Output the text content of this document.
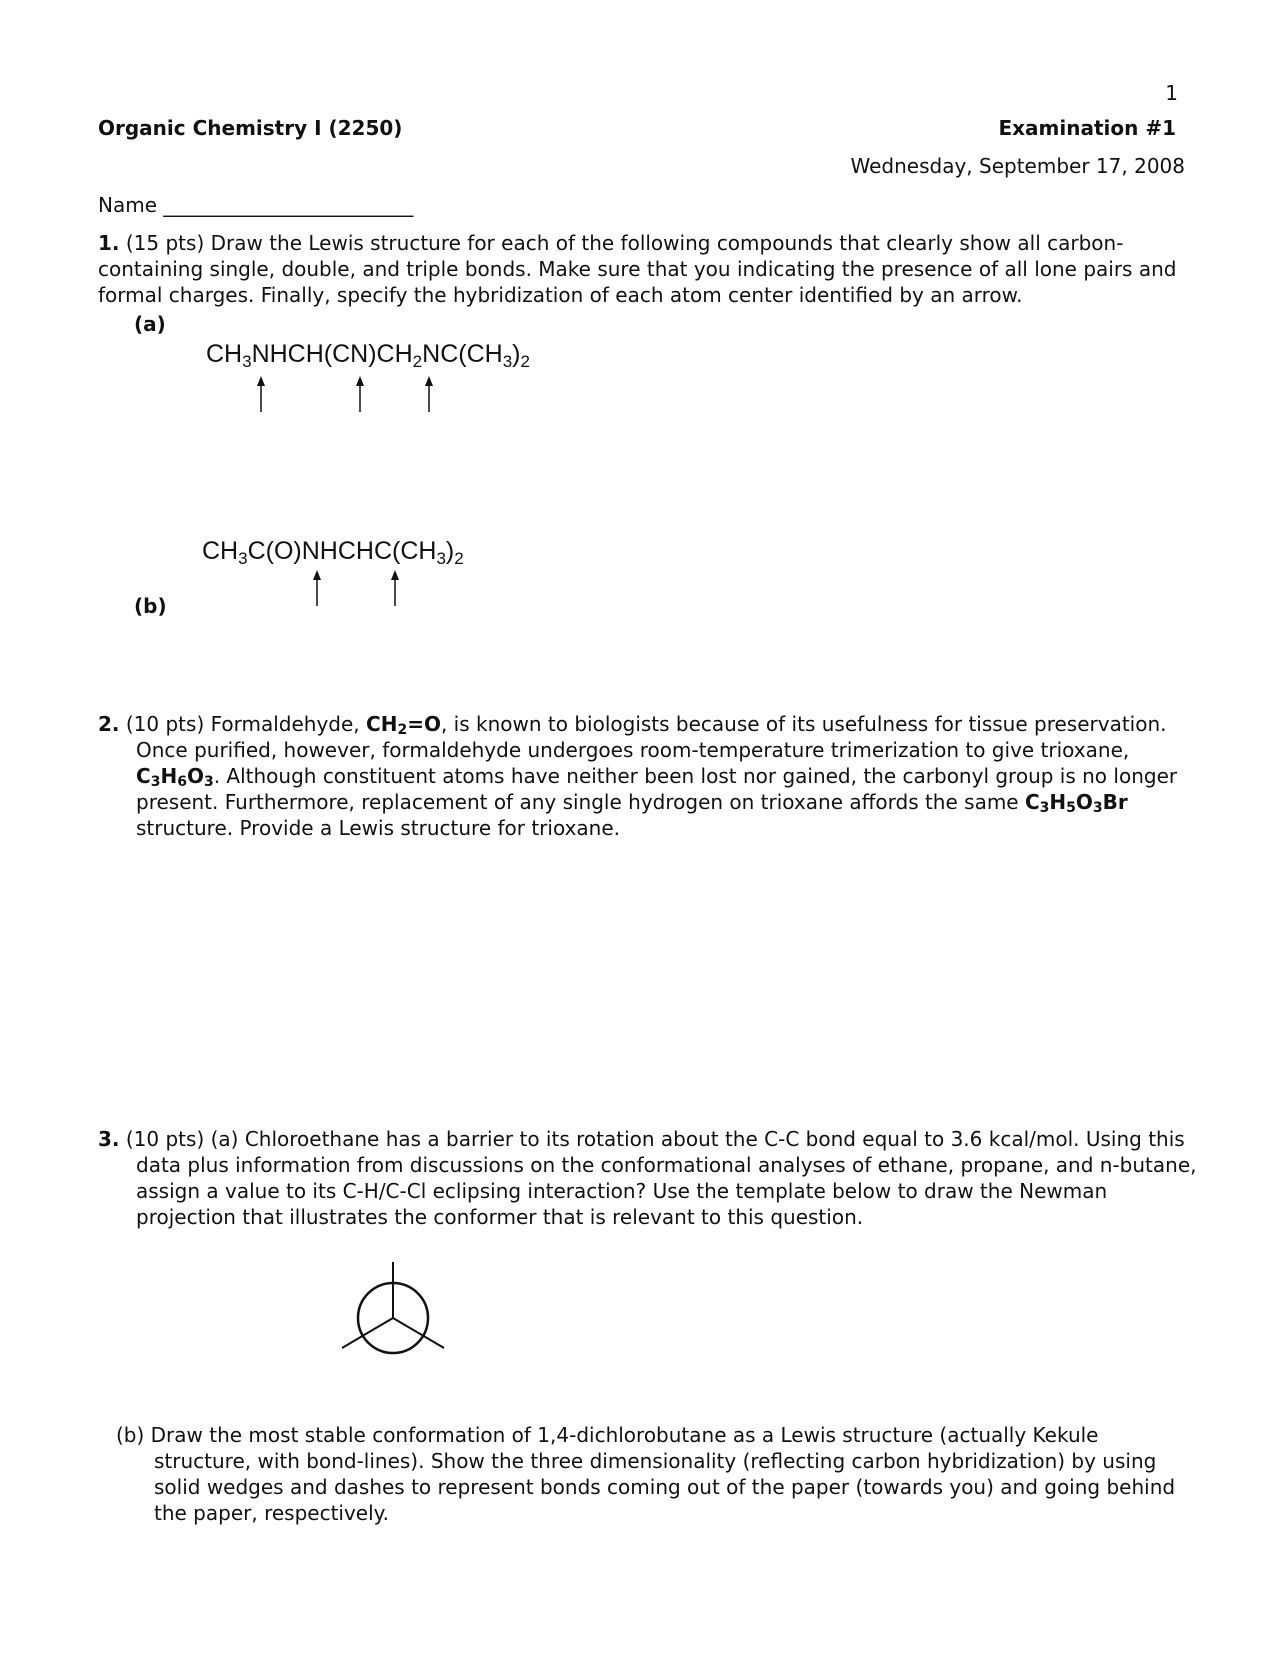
1
Organic Chemistry I (2250)	Examination #1
Wednesday, September 17, 2008
Name _________________________

1. (15 pts) Draw the Lewis structure for each of the following compounds that clearly show all carbon-containing single, double, and triple bonds. Make sure that you indicating the presence of all lone pairs and formal charges. Finally, specify the hybridization of each atom center identified by an arrow.

(a)
$CH_3NHCH(CN)CH_2NC(CH_3)_2$
$CH_3C(O)NHCHC(CH_3)_2$
(b)

2. (10 pts) Formaldehyde, $CH_2=O$, is known to biologists because of its usefulness for tissue preservation. Once purified, however, formaldehyde undergoes room-temperature trimerization to give trioxane, $C_3H_6O_3$. Although constituent atoms have neither been lost nor gained, the carbonyl group is no longer present. Furthermore, replacement of any single hydrogen on trioxane affords the same $C_3H_5O_3Br$ structure. Provide a Lewis structure for trioxane.

3. (10 pts) (a) Chloroethane has a barrier to its rotation about the C-C bond equal to 3.6 kcal/mol. Using this data plus information from discussions on the conformational analyses of ethane, propane, and n-butane, assign a value to its C-H/C-Cl eclipsing interaction? Use the template below to draw the Newman projection that illustrates the conformer that is relevant to this question.

(b) Draw the most stable conformation of 1,4-dichlorobutane as a Lewis structure (actually Kekule structure, with bond-lines). Show the three dimensionality (reflecting carbon hybridization) by using solid wedges and dashes to represent bonds coming out of the paper (towards you) and going behind the paper, respectively.
